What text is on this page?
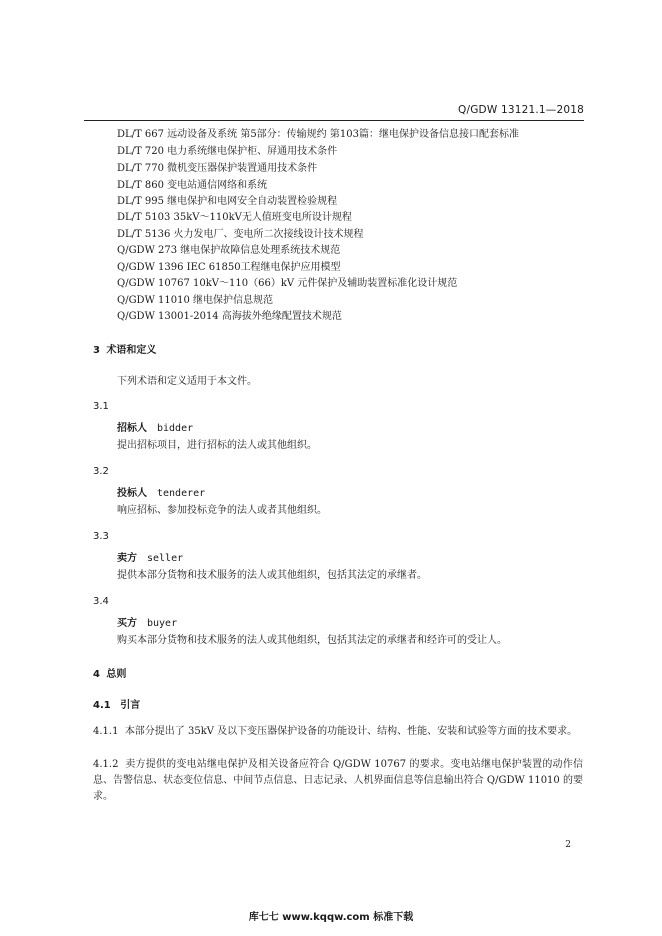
Q/GDW 13121.1—2018
DL/T 667 远动设备及系统 第5部分：传输规约 第103篇：继电保护设备信息接口配套标准
DL/T 720 电力系统继电保护柜、屏通用技术条件
DL/T 770 微机变压器保护装置通用技术条件
DL/T 860 变电站通信网络和系统
DL/T 995 继电保护和电网安全自动装置检验规程
DL/T 5103 35kV～110kV无人值班变电所设计规程
DL/T 5136 火力发电厂、变电所二次接线设计技术规程
Q/GDW 273 继电保护故障信息处理系统技术规范
Q/GDW 1396 IEC 61850工程继电保护应用模型
Q/GDW 10767 10kV～110（66）kV 元件保护及辅助装置标准化设计规范
Q/GDW 11010 继电保护信息规范
Q/GDW 13001-2014 高海拔外绝缘配置技术规范
3 术语和定义
下列术语和定义适用于本文件。
3.1
招标人 bidder
提出招标项目，进行招标的法人或其他组织。
3.2
投标人 tenderer
响应招标、参加投标竞争的法人或者其他组织。
3.3
卖方 seller
提供本部分货物和技术服务的法人或其他组织，包括其法定的承继者。
3.4
买方 buyer
购买本部分货物和技术服务的法人或其他组织，包括其法定的承继者和经许可的受让人。
4 总则
4.1 引言
4.1.1 本部分提出了 35kV 及以下变压器保护设备的功能设计、结构、性能、安装和试验等方面的技术要求。
4.1.2 卖方提供的变电站继电保护及相关设备应符合 Q/GDW 10767 的要求。变电站继电保护装置的动作信息、告警信息、状态变位信息、中间节点信息、日志记录、人机界面信息等信息输出符合 Q/GDW 11010 的要求。
2
库七七 www.kqqw.com 标准下载
